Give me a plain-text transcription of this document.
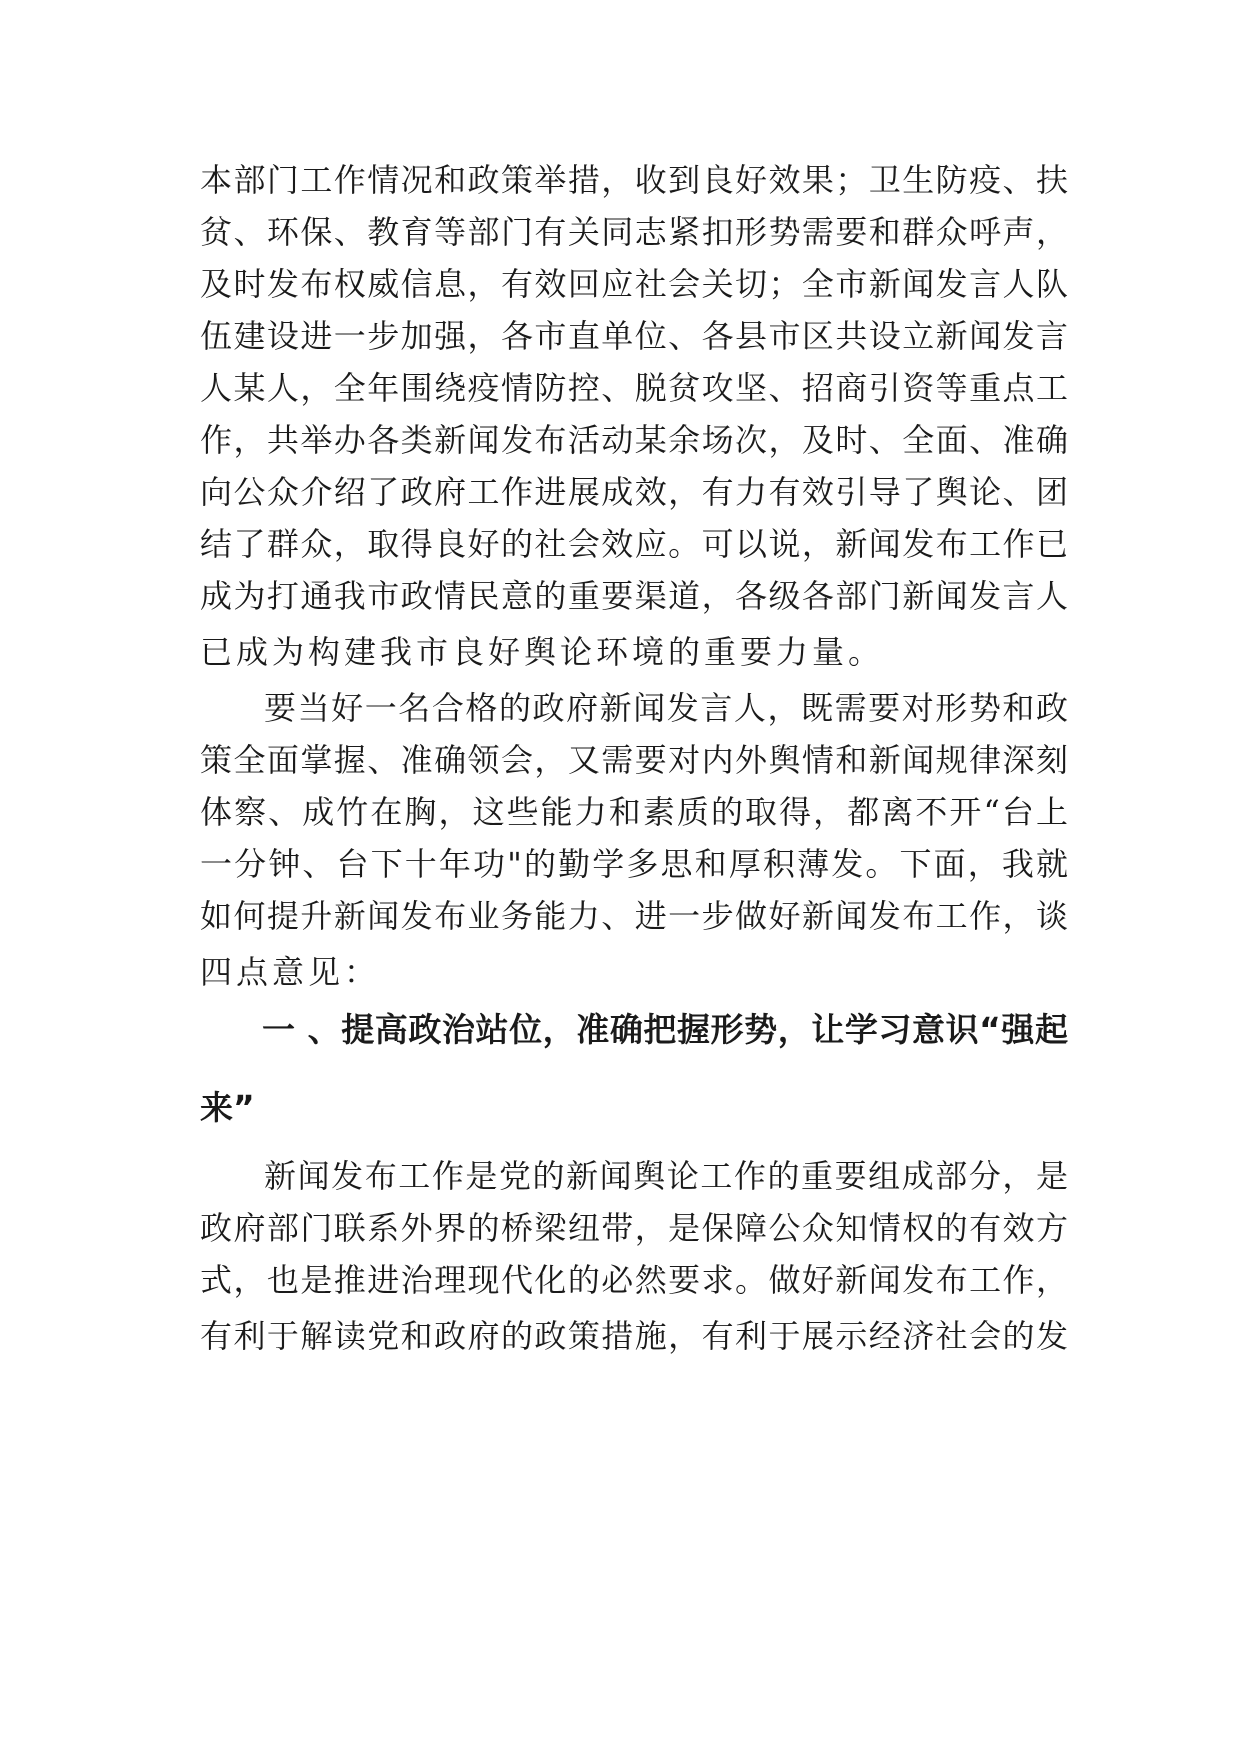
本部门工作情况和政策举措，收到良好效果；卫生防疫、扶
贫、环保、教育等部门有关同志紧扣形势需要和群众呼声，
及时发布权威信息，有效回应社会关切；全市新闻发言人队
伍建设进一步加强，各市直单位、各县市区共设立新闻发言
人某人，全年围绕疫情防控、脱贫攻坚、招商引资等重点工
作，共举办各类新闻发布活动某余场次，及时、全面、准确
向公众介绍了政府工作进展成效，有力有效引导了舆论、团
结了群众，取得良好的社会效应。可以说，新闻发布工作已
成为打通我市政情民意的重要渠道，各级各部门新闻发言人
已成为构建我市良好舆论环境的重要力量。
要当好一名合格的政府新闻发言人，既需要对形势和政
策全面掌握、准确领会，又需要对内外舆情和新闻规律深刻
体察、成竹在胸，这些能力和素质的取得，都离不开“台上
一分钟、台下十年功"的勤学多思和厚积薄发。下面，我就
如何提升新闻发布业务能力、进一步做好新闻发布工作，谈
四点意见：
一 、提高政治站位，准确把握形势，让学习意识“强起
来”
新闻发布工作是党的新闻舆论工作的重要组成部分，是
政府部门联系外界的桥梁纽带，是保障公众知情权的有效方
式，也是推进治理现代化的必然要求。做好新闻发布工作，
有利于解读党和政府的政策措施，有利于展示经济社会的发
